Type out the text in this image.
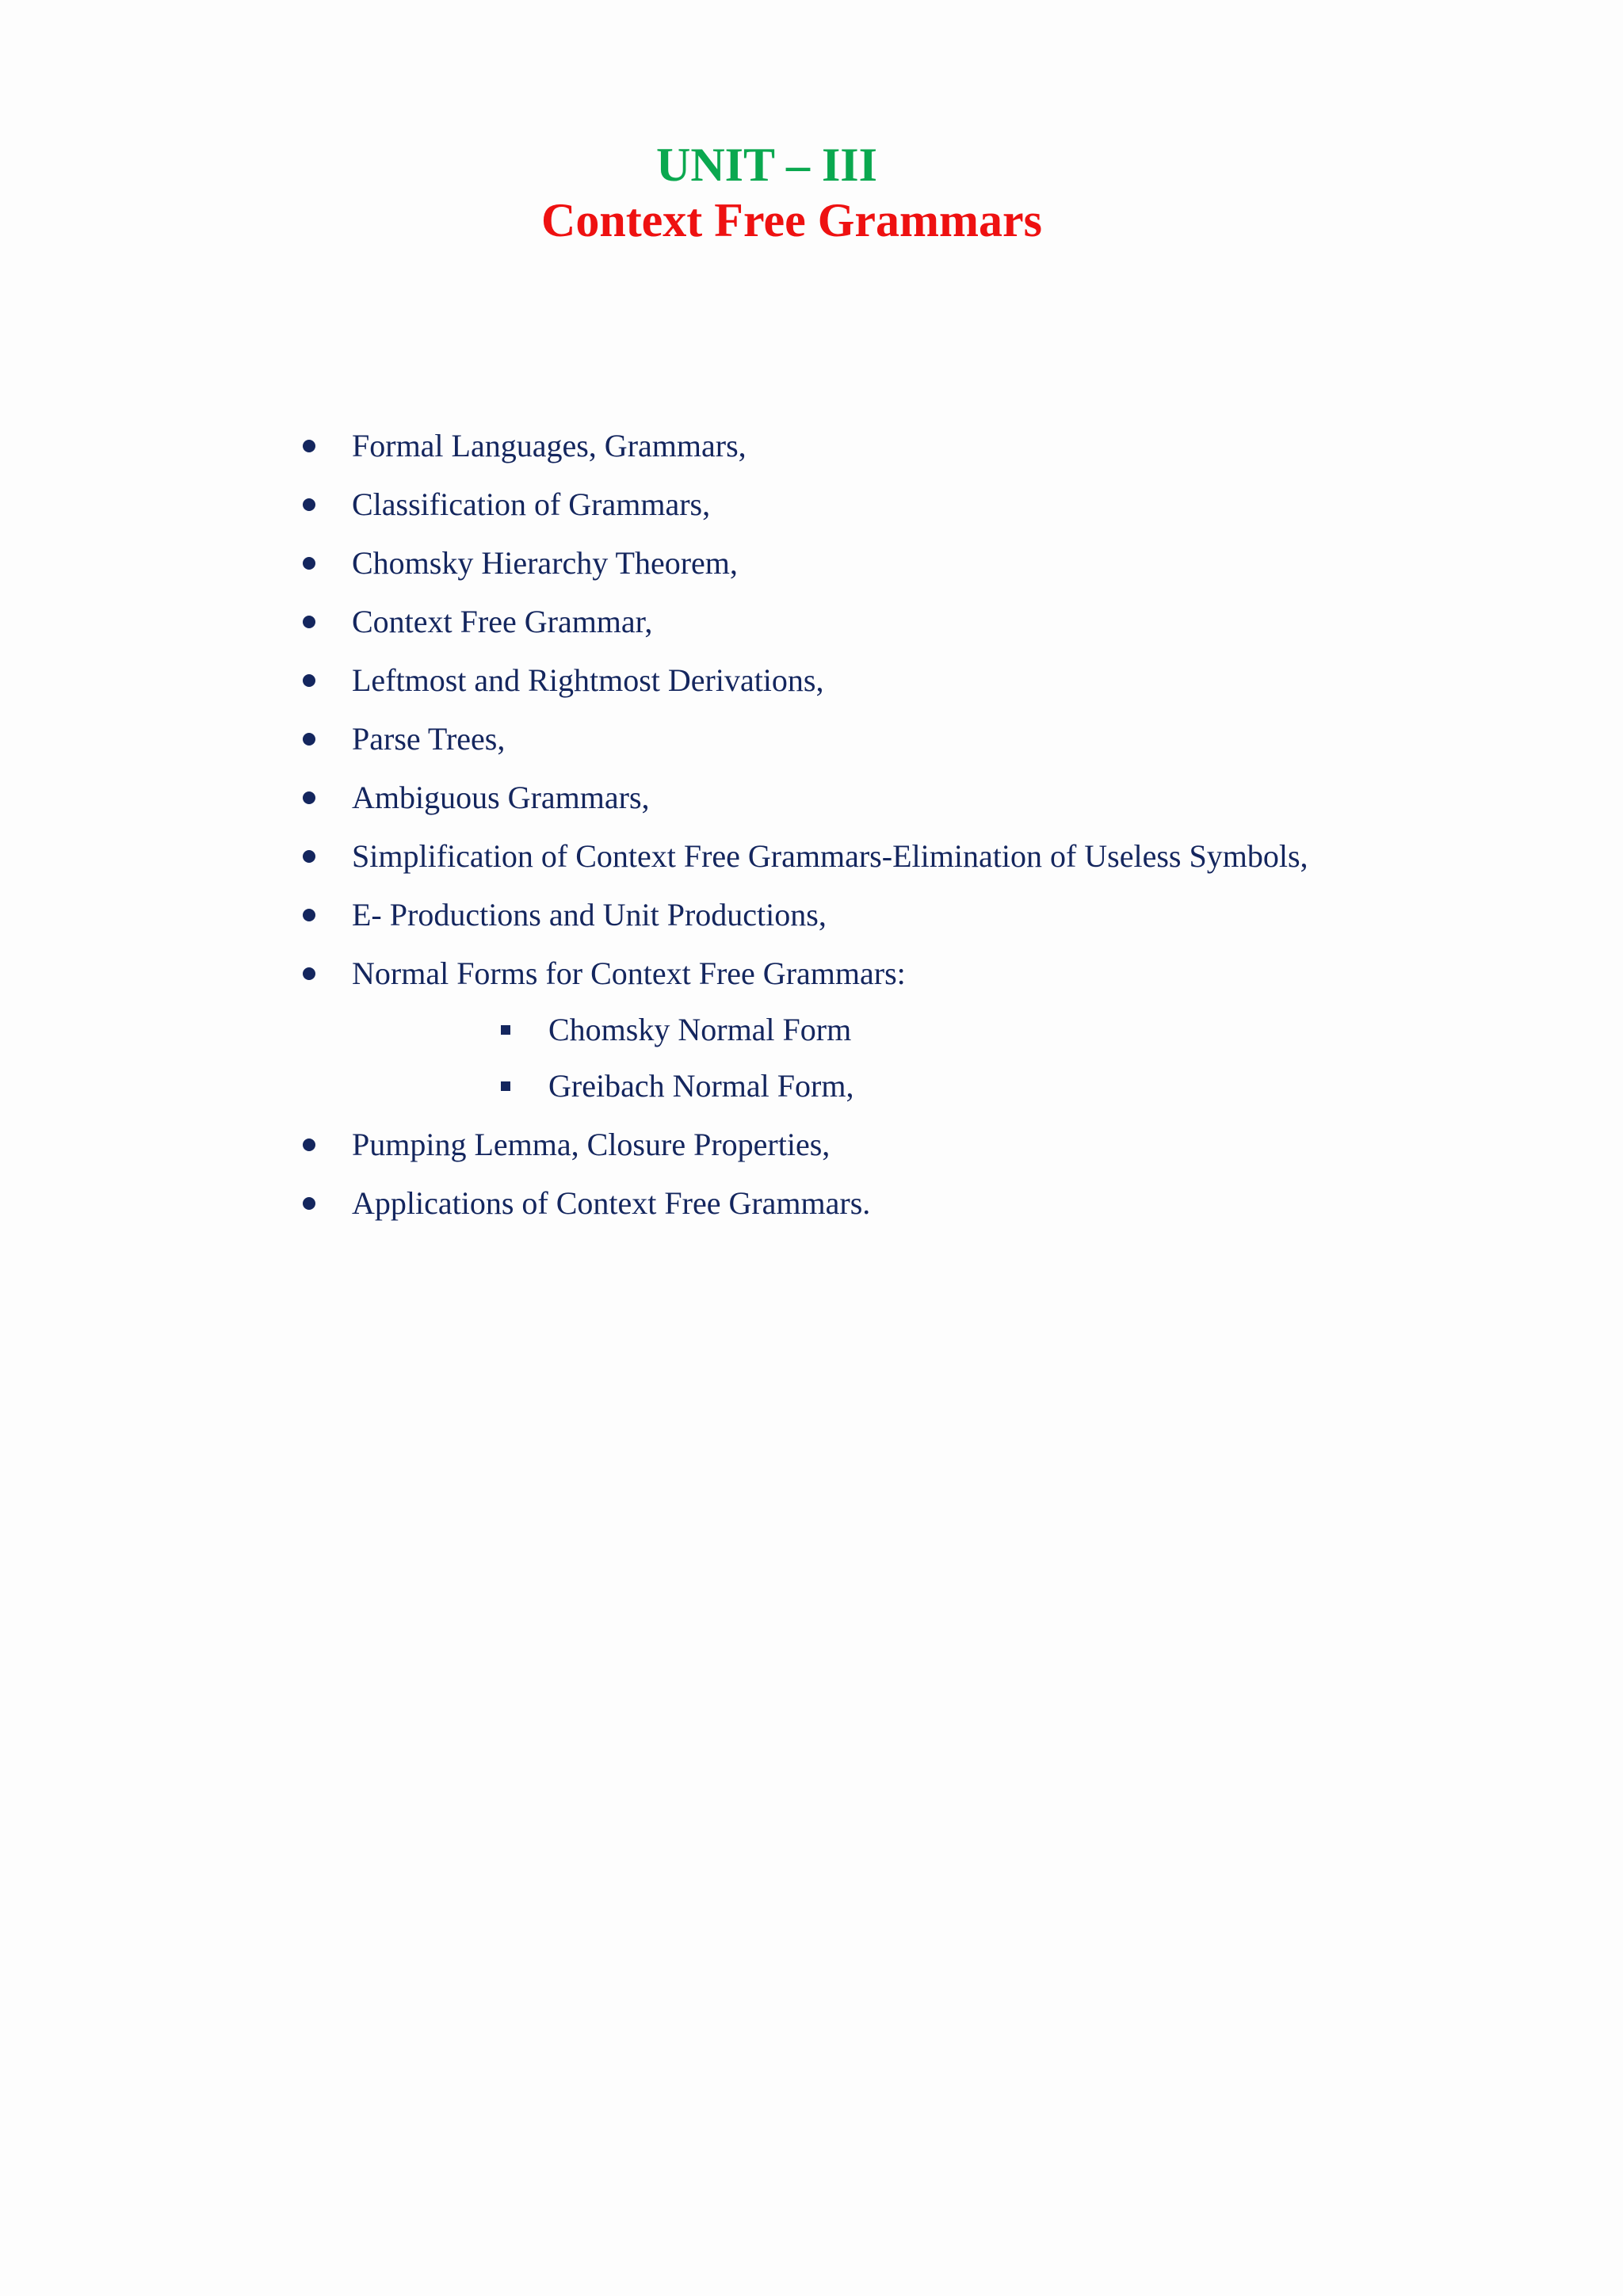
UNIT – III
Context Free Grammars
Formal Languages, Grammars,
Classification of Grammars,
Chomsky Hierarchy Theorem,
Context Free Grammar,
Leftmost and Rightmost Derivations,
Parse Trees,
Ambiguous Grammars,
Simplification of Context Free Grammars-Elimination of Useless Symbols,
E- Productions and Unit Productions,
Normal Forms for Context Free Grammars:
Chomsky Normal Form
Greibach Normal Form,
Pumping Lemma, Closure Properties,
Applications of Context Free Grammars.
